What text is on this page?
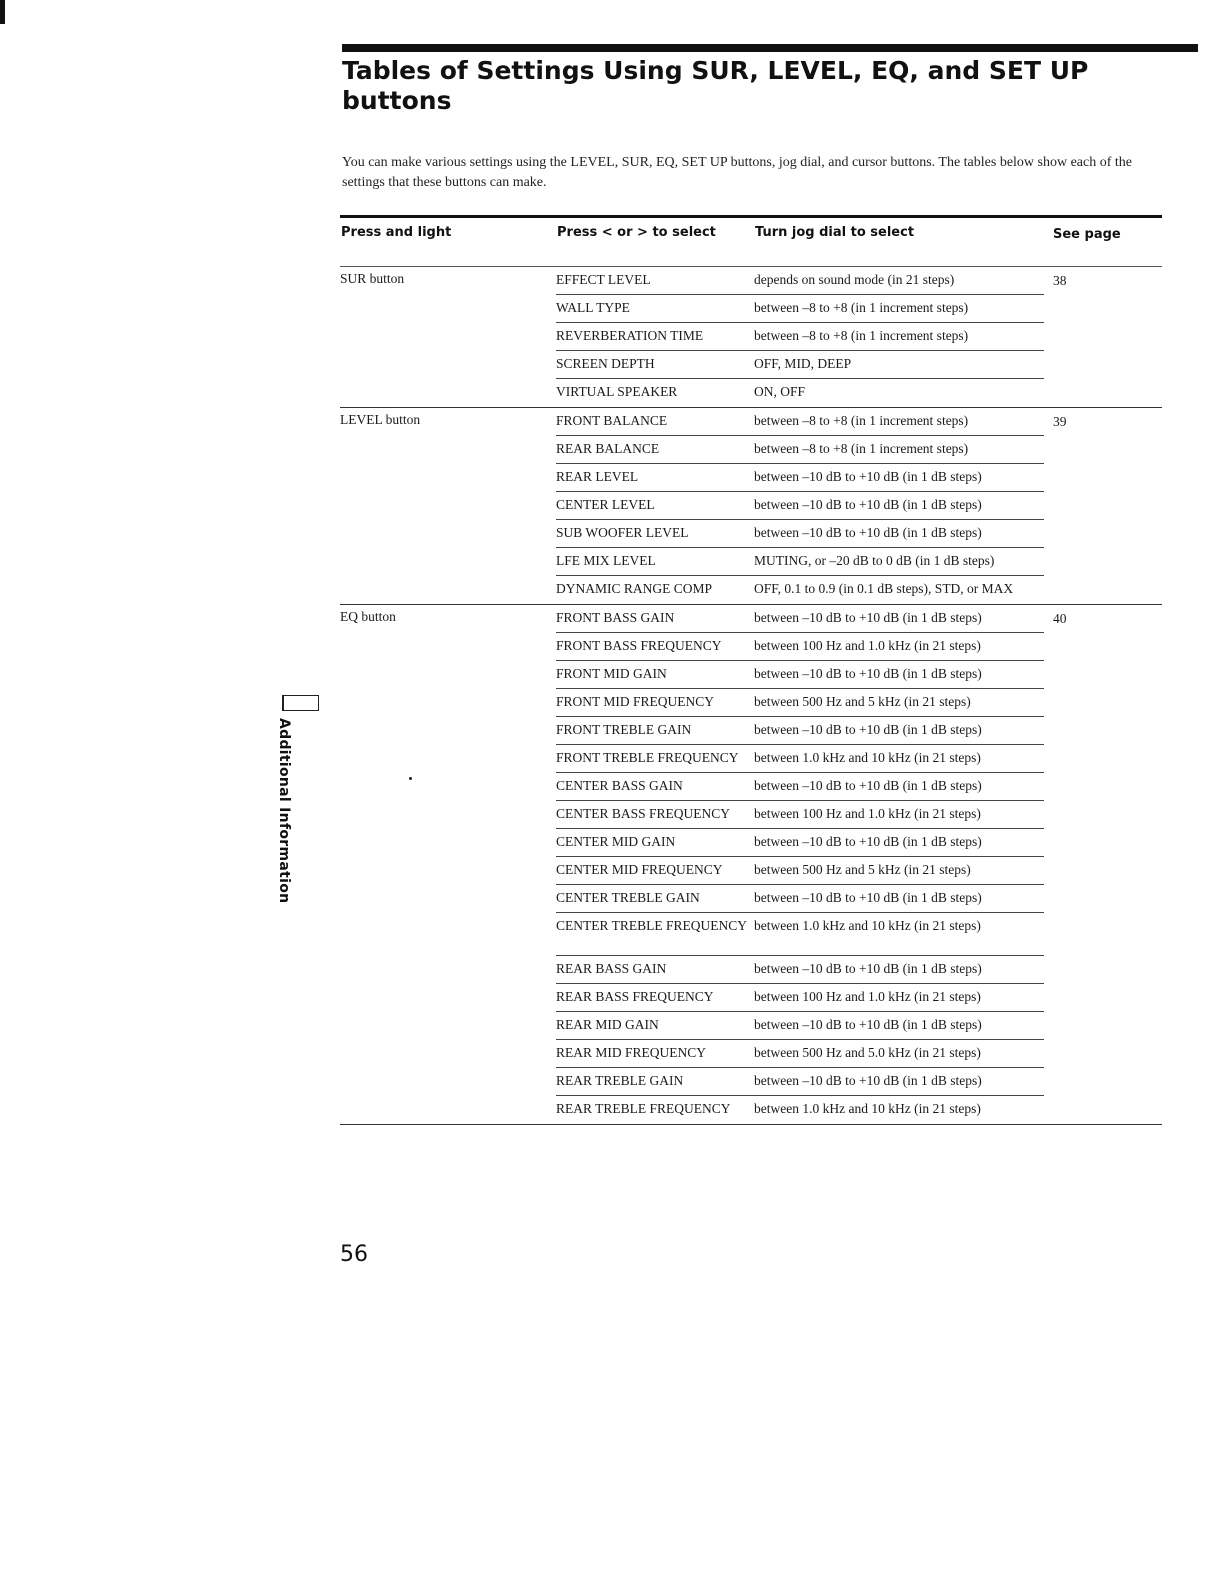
Tables of Settings Using SUR, LEVEL, EQ, and SET UP buttons

You can make various settings using the LEVEL, SUR, EQ, SET UP buttons, jog dial, and cursor buttons. The tables below show each of the settings that these buttons can make.

Press and light	Press < or > to select	Turn jog dial to select	See page
SUR button	38
EFFECT LEVEL	depends on sound mode (in 21 steps)
WALL TYPE	between –8 to +8 (in 1 increment steps)
REVERBERATION TIME	between –8 to +8 (in 1 increment steps)
SCREEN DEPTH	OFF, MID, DEEP
VIRTUAL SPEAKER	ON, OFF
LEVEL button	39
FRONT BALANCE	between –8 to +8 (in 1 increment steps)
REAR BALANCE	between –8 to +8 (in 1 increment steps)
REAR LEVEL	between –10 dB to +10 dB (in 1 dB steps)
CENTER LEVEL	between –10 dB to +10 dB (in 1 dB steps)
SUB WOOFER LEVEL	between –10 dB to +10 dB (in 1 dB steps)
LFE MIX LEVEL	MUTING, or –20 dB to 0 dB (in 1 dB steps)
DYNAMIC RANGE COMP	OFF, 0.1 to 0.9 (in 0.1 dB steps), STD, or MAX
EQ button	40
FRONT BASS GAIN	between –10 dB to +10 dB (in 1 dB steps)
FRONT BASS FREQUENCY	between 100 Hz and 1.0 kHz (in 21 steps)
FRONT MID GAIN	between –10 dB to +10 dB (in 1 dB steps)
FRONT MID FREQUENCY	between 500 Hz and 5 kHz (in 21 steps)
FRONT TREBLE GAIN	between –10 dB to +10 dB (in 1 dB steps)
FRONT TREBLE FREQUENCY	between 1.0 kHz and 10 kHz (in 21 steps)
CENTER BASS GAIN	between –10 dB to +10 dB (in 1 dB steps)
CENTER BASS FREQUENCY	between 100 Hz and 1.0 kHz (in 21 steps)
CENTER MID GAIN	between –10 dB to +10 dB (in 1 dB steps)
CENTER MID FREQUENCY	between 500 Hz and 5 kHz (in 21 steps)
CENTER TREBLE GAIN	between –10 dB to +10 dB (in 1 dB steps)
CENTER TREBLE FREQUENCY between 1.0 kHz and 10 kHz (in 21 steps)
REAR BASS GAIN	between –10 dB to +10 dB (in 1 dB steps)
REAR BASS FREQUENCY	between 100 Hz and 1.0 kHz (in 21 steps)
REAR MID GAIN	between –10 dB to +10 dB (in 1 dB steps)
REAR MID FREQUENCY	between 500 Hz and 5.0 kHz (in 21 steps)
REAR TREBLE GAIN	between –10 dB to +10 dB (in 1 dB steps)
REAR TREBLE FREQUENCY	between 1.0 kHz and 10 kHz (in 21 steps)
Additional Information
56
